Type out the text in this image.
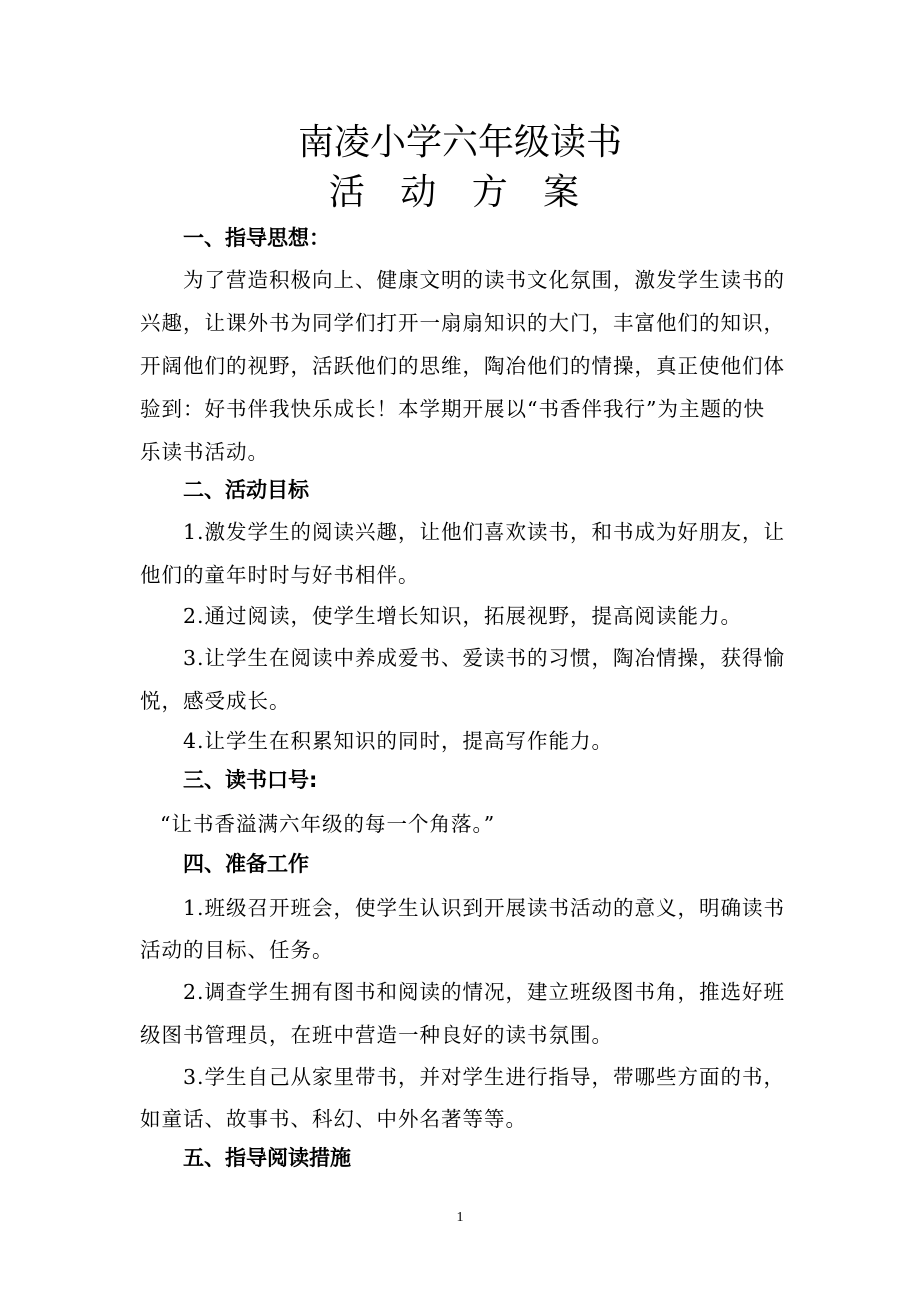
南凌小学六年级读书
活 动 方 案
一、指导思想：
为了营造积极向上、健康文明的读书文化氛围，激发学生读书的
兴趣，让课外书为同学们打开一扇扇知识的大门，丰富他们的知识，
开阔他们的视野，活跃他们的思维，陶冶他们的情操，真正使他们体
验到：好书伴我快乐成长！本学期开展以“书香伴我行”为主题的快
乐读书活动。
二、活动目标
1.激发学生的阅读兴趣，让他们喜欢读书，和书成为好朋友，让
他们的童年时时与好书相伴。
2.通过阅读，使学生增长知识，拓展视野，提高阅读能力。
3.让学生在阅读中养成爱书、爱读书的习惯，陶冶情操，获得愉
悦，感受成长。
4.让学生在积累知识的同时，提高写作能力。
三、读书口号:
“让书香溢满六年级的每一个角落。”
四、准备工作
1.班级召开班会，使学生认识到开展读书活动的意义，明确读书
活动的目标、任务。
2.调查学生拥有图书和阅读的情况，建立班级图书角，推选好班
级图书管理员，在班中营造一种良好的读书氛围。
3.学生自己从家里带书，并对学生进行指导，带哪些方面的书，
如童话、故事书、科幻、中外名著等等。
五、指导阅读措施
1
